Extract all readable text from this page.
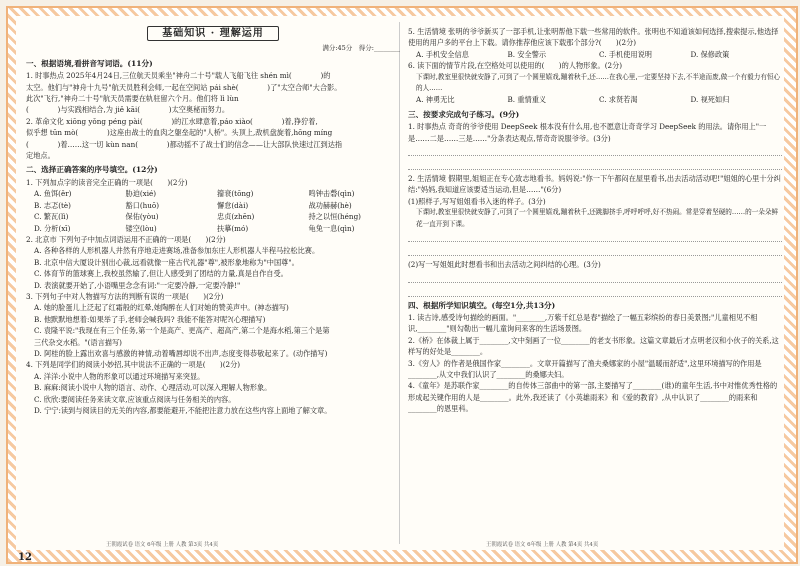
基础知识 · 理解运用
满分:45分　得分:________
一、根据语境,看拼音写词语。(11分)
1. 时事热点 2025年4月24日,三位航天员乘坐"神舟二十号"载人飞船飞往 shén mì(　　　　)的
太空。他们与"神舟十九号"航天员胜利会师,一起在空间站 pái shè(　　　　)了"太空合师"大合影。
此次"飞行,"神舟二十号"航天员需要在轨驻留六个月。他们将 lì lùn
(　　　　)与实践相结合,为 jiě kāi(　　　　)太空奥秘而努力。
2. 革命文化 xiōng yǒng péng pài(　　　　)的江水肆意着,páo xiào(　　　　)着,狰狞着,
似乎想 tūn mò(　　　　)这座由战士的血肉之躯垒起的"人桥"。头顶上,敌机盘旋着,hōng míng
(　　　　)着……这一切 kùn nan(　　　　)都动摇不了战士们的信念——让大部队快速过江到达指
定地点。
二、选择正确答案的序号填空。(12分)
1. 下列加点字的读音完全正确的一项是(　　)(2分)
A. 鱼饵(ěr)	胁迫(xié)	籀衰(tōng)	鸣钟击磬(qìn)
B. 志忑(tè)	豁口(huō)	懈怠(dài)	战功赫赫(hè)
C. 繁瓦(lì)	保佑(yòu)	忠贞(zhēn)	持之以恒(héng)
D. 分析(xī)	镂空(lòu)	扶摹(mó)	龟兔一息(qìn)
2. 北京市 下列句子中加点词语运用不正确的一项是(　　)(2分)
A. 各种各样的人形机器人井然有序地走进赛场,准备参加东庄人形机器人半程马拉松比赛。
B. 北京中信大厦设计别出心裁,远看就像一座古代礼器"尊",被形象地称为"中国尊"。
C. 体育节的篮球赛上,我校虽然输了,但让人感受到了团结的力量,真是自作自受。
D. 表演就要开始了,小语嘴里念念有词:"一定要冷静,一定要冷静!"
3. 下列句子中对人物描写方法的判断有误的一项是(　　)(2分)
A. 她的脸蛋儿上泛起了红霜般的红晕,她陶醉在人们对她的赞美声中。(神态描写)
B. 他默默地想着:如果举了手,老师会喊我吗? 我能不能答对呢?(心理描写)
C. 袁隆平说:"我现在有三个任务,第一个是高产、更高产、超高产,第二个是海水稻,第三个是第
三代杂交水稻。"(语言描写)
D. 阿桂的脸上露出欢喜与感激的神情,动着嘴唇却说不出声,态度变得恭敬起来了。(动作描写)
4. 下列是同学们的阅读小妙招,其中说法不正确的一项是(　　)(2分)
A. 洋洋:小说中人物的形象可以通过环境描写来突显。
B. 麻麻:阅读小说中人物的语言、动作、心理活动,可以深入理解人物形象。
C. 欣欣:要阅读任务来读文章,应该重点阅读与任务相关的内容。
D. 宁宁:读到与阅读目的无关的内容,都要能避开,不能把注意力放在这些内容上面地了解文章。
5. 生活情境 张明的爷爷新买了一部手机,让张明帮他下载一些常用的软件。张明也不知道该如何选择,搜索提示,他选择使用的用户多的平台上下载。请你推荐他应该下载那个部分?(　　)(2分)
A. 手机安全信息	B. 安全警示	C. 手机使用说明	D. 保修政策
6. 读下面的情节片段,在空格处可以使用的(　　)的人物形象。(2分)
下课时,教室里很快就安静了,可到了一个圆里嬉戏,蹦着秋千,还……在我心里,一定要坚持下去,不半途而废,做一个有毅力有恒心的人……
A. 神勇无比	B. 重情重义	C. 求贤若渴	D. 视死如归
三、按要求完成句子练习。(9分)
1. 时事热点 奇奇的爷爷使用 DeepSeek 根本没有什么用,也不愿意让奇奇学习 DeepSeek 的用法。请你用上"一是……二是……三是……"分条表达观点,帮奇奇说服爷爷。(3分)
2. 生活情境 假期里,姐姐正在专心致志地看书。妈妈说:"你一下午都闷在屋里看书,出去活动活动吧!"姐姐的心里十分纠结:"妈妈,我知道应该要适当运动,但是……"(6分)
(1)照样子,写写姐姐看书入迷的样子。(3分)
下课时,教室里很快就安静了,可到了一个圆里嬉戏,蹦着秋千,还跳脚挤手,呼呼呼呼,好不热闹。常是穿着坚硬的……的一朵朵鲜花一直开到下课。
(2)写一写姐姐此时想看书和出去活动之间纠结的心理。(3分)
四、根据所学知识填空。(每空1分,共13分)
1. 读古诗,感受诗句描绘的画面。"________,万紫千红总是春"描绘了一幅五彩缤纷的春日美景图;"儿童相见不相识,________"则勾勒出一幅儿童询问来客的生活场景图。
2.《桥》在体裁上属于________,文中刻画了一位________的老支书形象。这篇文章最后才点明老汉和小伙子的关系,这样写的好处是________。
3.《穷人》的作者是俄国作家________。文章开篇描写了渔夫桑娜家的小屋"温暖而舒适",这里环境描写的作用是________,从文中我们认识了________的桑娜夫妇。
4.《童年》是苏联作家________的自传体三部曲中的第一部,主要描写了________(谁)的童年生活,书中对惟优秀性格的形成起关键作用的人是________。此外,我还读了《小英雄雨来》和《爱的教育》,从中认识了________的雨来和________的恩里科。
王朝霞试卷 语文 6年级 上册 人教 第3页 共4页	王朝霞试卷 语文 6年级 上册 人教 第4页 共4页
12
